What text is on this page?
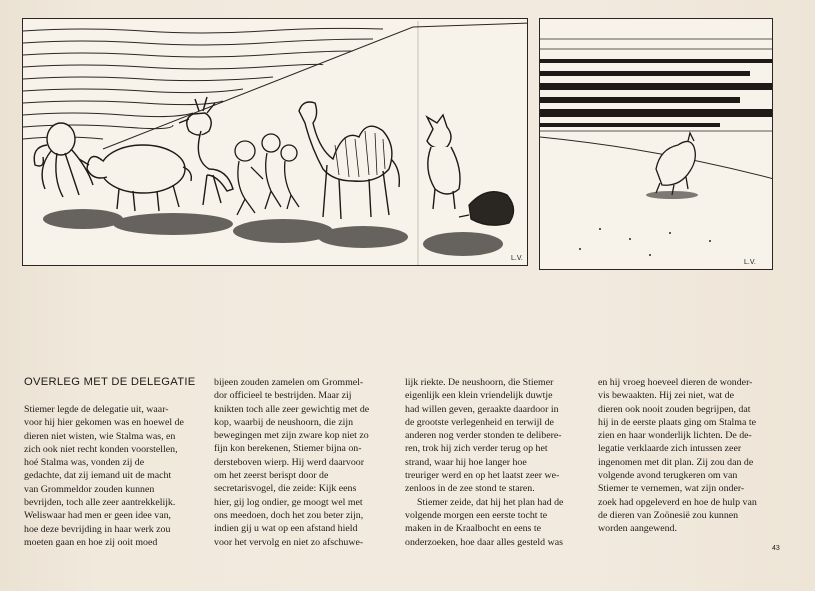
L.V.
L.V.
OVERLEG MET DE DELEGATIE
Stiemer legde de delegatie uit, waar-
voor hij hier gekomen was en hoewel de
dieren niet wisten, wie Stalma was, en
zich ook niet recht konden voorstellen,
hoé Stalma was, vonden zij de
gedachte, dat zij iemand uit de macht
van Grommeldor zouden kunnen
bevrijden, toch alle zeer aantrekkelijk.
Weliswaar had men er geen idee van,
hoe deze bevrijding in haar werk zou
moeten gaan en hoe zij ooit moed
bijeen zouden zamelen om Grommel-
dor officieel te bestrijden. Maar zij
knikten toch alle zeer gewichtig met de
kop, waarbij de neushoorn, die zijn
bewegingen met zijn zware kop niet zo
fijn kon berekenen, Stiemer bijna on-
dersteboven wierp. Hij werd daarvoor
om het zeerst berispt door de
secretarisvogel, die zeide: Kijk eens
hier, gij log ondier, ge moogt wel met
ons meedoen, doch het zou beter zijn,
indien gij u wat op een afstand hield
voor het vervolg en niet zo afschuwe-
lijk riekte. De neushoorn, die Stiemer
eigenlijk een klein vriendelijk duwtje
had willen geven, geraakte daardoor in
de grootste verlegenheid en terwijl de
anderen nog verder stonden te delibere-
ren, trok hij zich verder terug op het
strand, waar hij hoe langer hoe
treuriger werd en op het laatst zeer we-
zenloos in de zee stond te staren.
Stiemer zeide, dat hij het plan had de
volgende morgen een eerste tocht te
maken in de Kraalbocht en eens te
onderzoeken, hoe daar alles gesteld was
en hij vroeg hoeveel dieren de wonder-
vis bewaakten. Hij zei niet, wat de
dieren ook nooit zouden begrijpen, dat
hij in de eerste plaats ging om Stalma te
zien en haar wonderlijk lichten. De de-
legatie verklaarde zich intussen zeer
ingenomen met dit plan. Zij zou dan de
volgende avond terugkeren om van
Stiemer te vernemen, wat zijn onder-
zoek had opgeleverd en hoe de hulp van
de dieren van Zoönesië zou kunnen
worden aangewend.
43
